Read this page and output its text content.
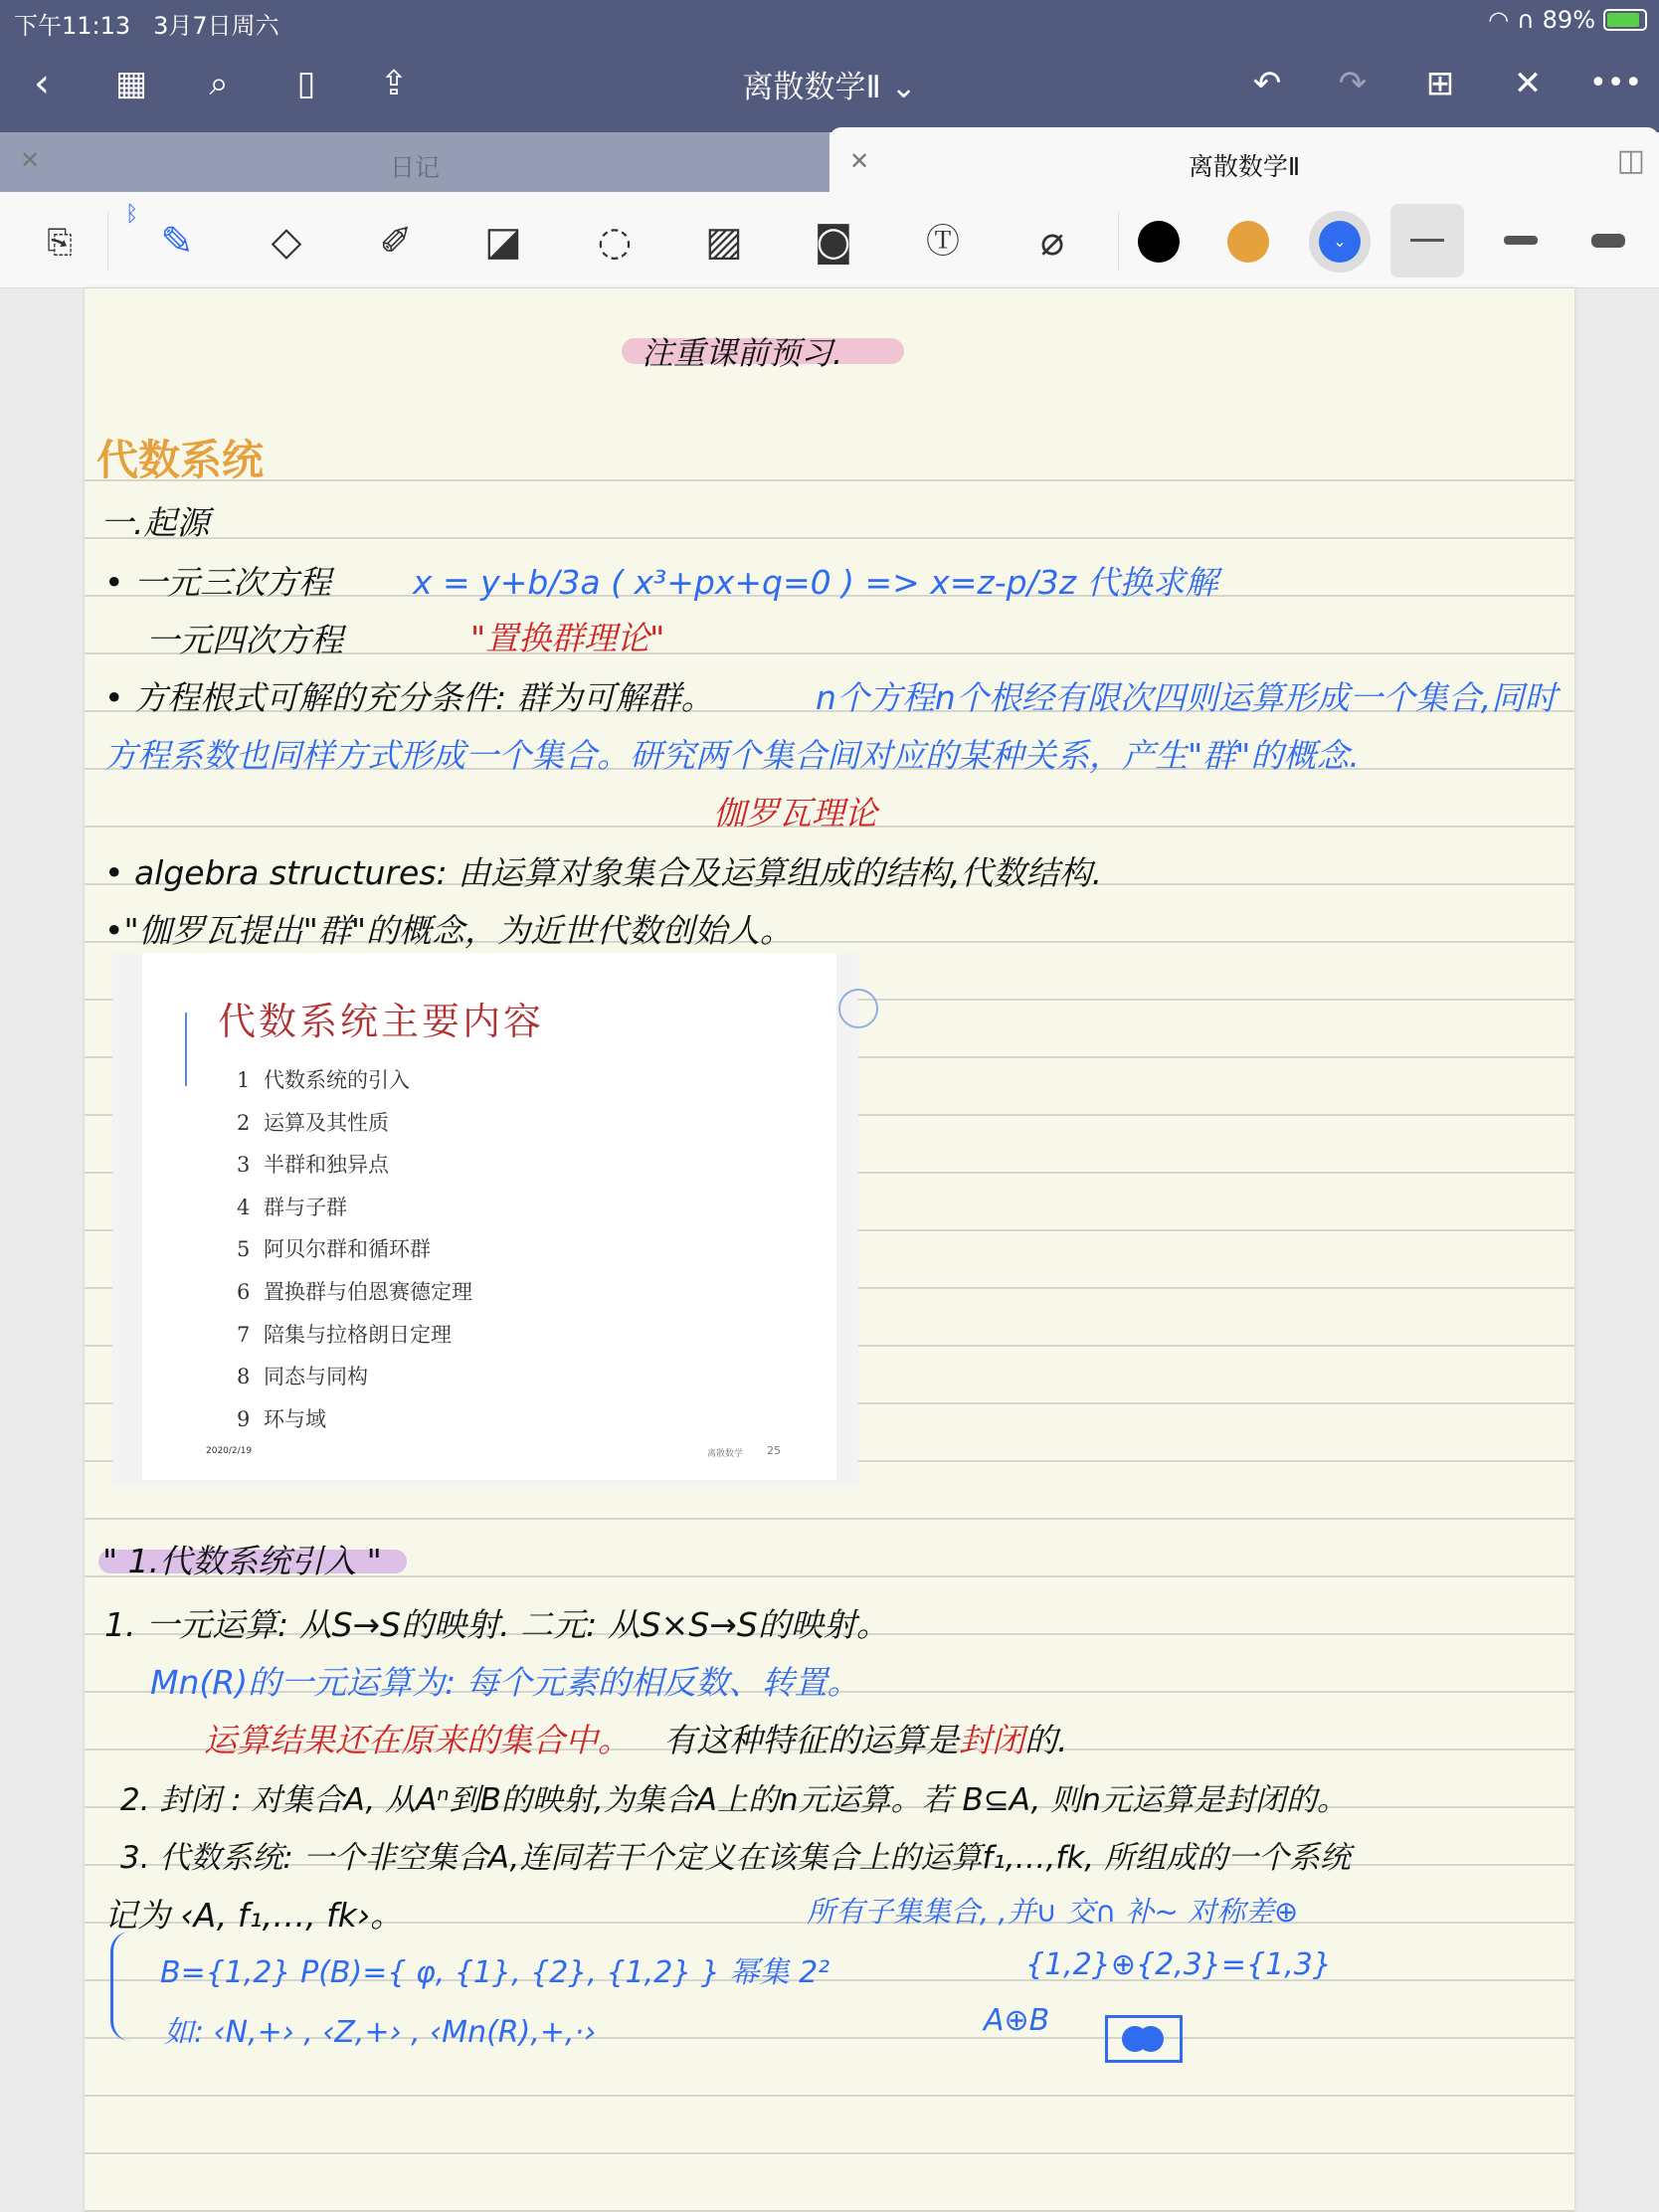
下午11:13 3月7日周六	◠ ∩ 89%
‹	▦	⌕	▯	⇪	离散数学Ⅱ ⌄	↶	↷	⊞	✕	•••
✕	日记	✕	离散数学Ⅱ	◫
⎘
ᛒ
✎	◇	✐	◪	◌	▨ ◙	Ⓣ	⌀	⌄
注重课前预习.
代数系统
一.起源
• 一元三次方程 x = y+b/3a ( x³+px+q=0 ) => x=z-p/3z 代换求解
一元四次方程	"置换群理论"
• 方程根式可解的充分条件: 群为可解群。	n个方程n个根经有限次四则运算形成一个集合,同时
方程系数也同样方式形成一个集合。研究两个集合间对应的某种关系，产生"群"的概念.
伽罗瓦理论
• algebra structures: 由运算对象集合及运算组成的结构,代数结构.
•"伽罗瓦提出"群"的概念，为近世代数创始人。
代数系统主要内容
1 代数系统的引入
2 运算及其性质
3 半群和独异点
4 群与子群
5 阿贝尔群和循环群
6 置换群与伯恩赛德定理
7 陪集与拉格朗日定理
8 同态与同构
9 环与域
2020/2/19	离散数学 25
" 1.代数系统引入 "
1. 一元运算: 从S→S的映射. 二元: 从S×S→S的映射。
Mn(R)的一元运算为: 每个元素的相反数、转置。
运算结果还在原来的集合中。 有这种特征的运算是封闭的.
2. 封闭 : 对集合A, 从Aⁿ到B的映射,为集合A上的n元运算。若 B⊆A, 则n元运算是封闭的。
3. 代数系统: 一个非空集合A,连同若干个定义在该集合上的运算f₁,…,fk, 所组成的一个系统
记为 ‹A, f₁,…, fk›。	所有子集集合, ,并∪ 交∩ 补~ 对称差⊕
B={1,2} P(B)={ φ, {1}, {2}, {1,2} } 幂集 2²	{1,2}⊕{2,3}={1,3}
如: ‹N,+› , ‹Z,+› , ‹Mn(R),+,·›	A⊕B
